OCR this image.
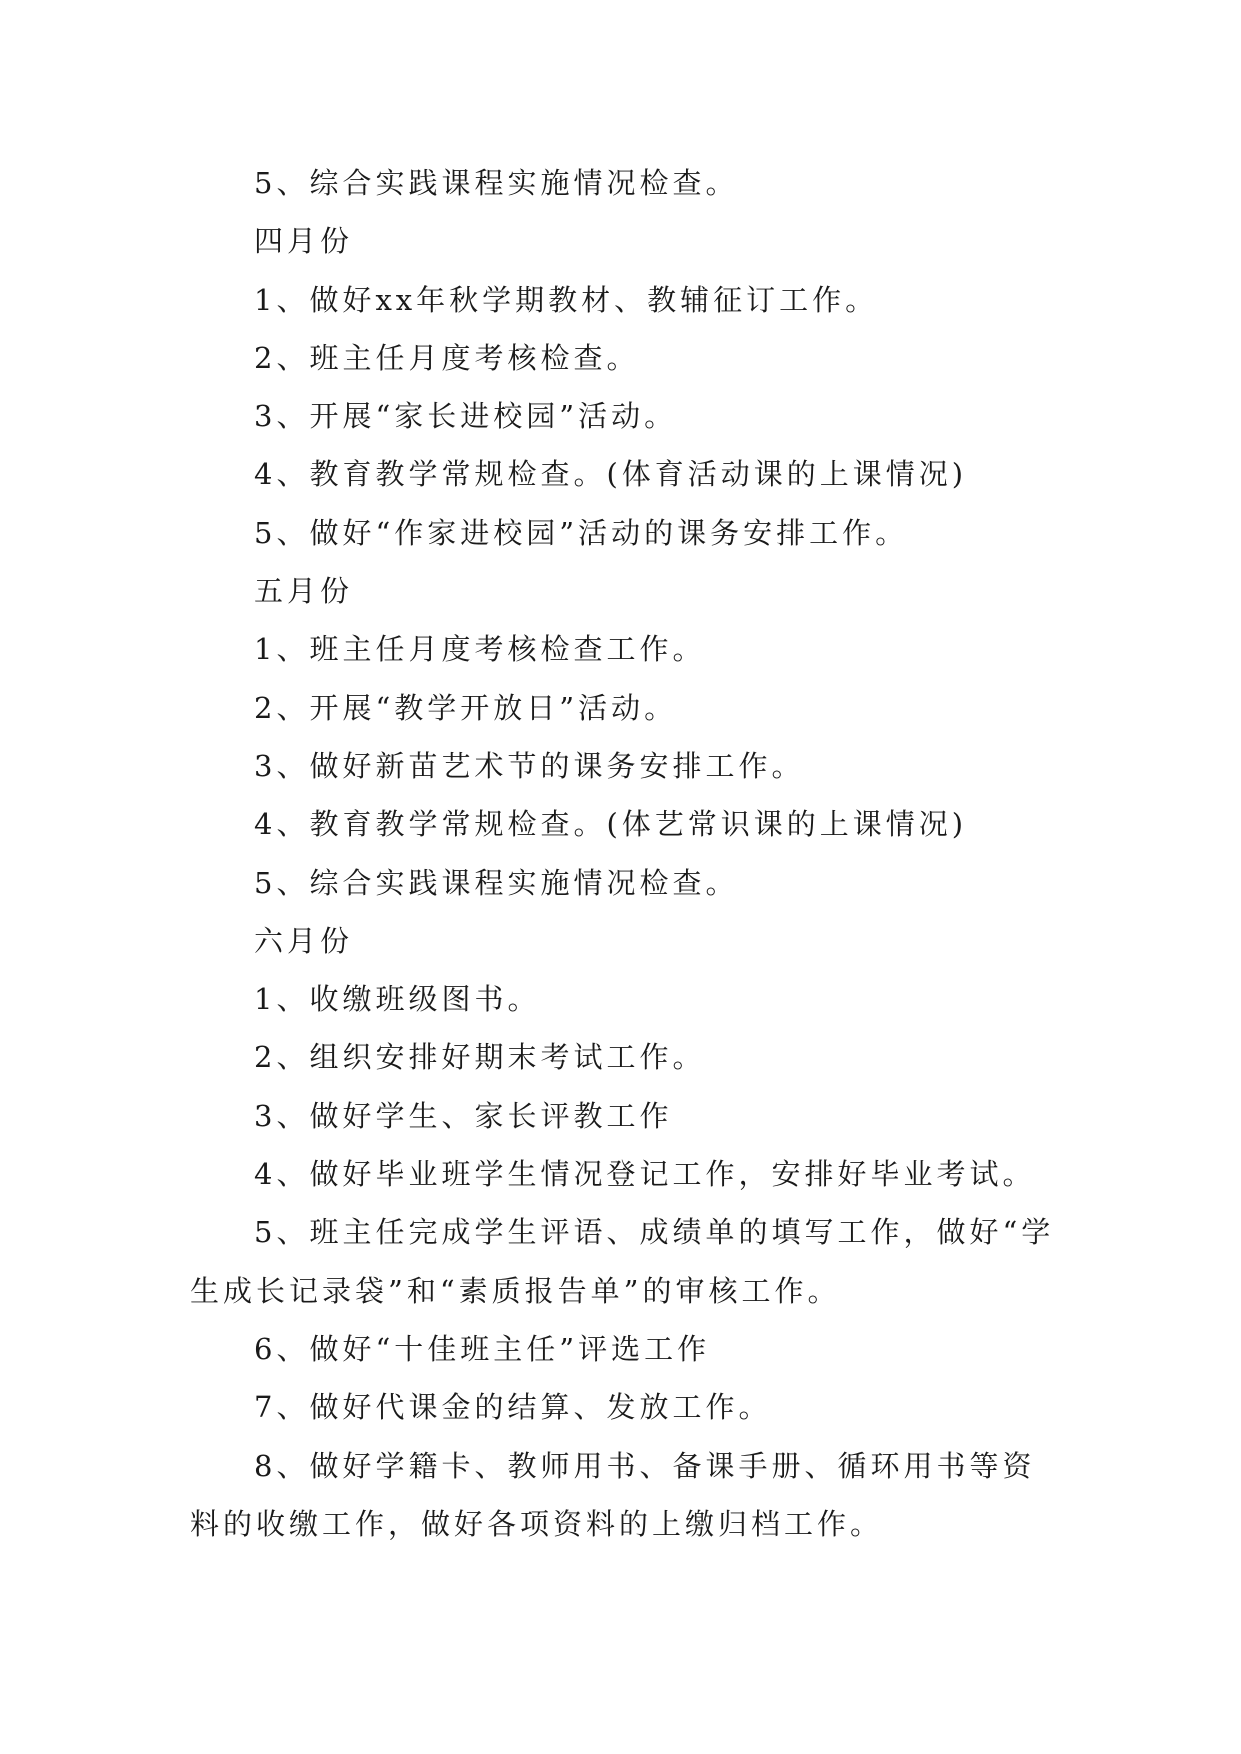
5、综合实践课程实施情况检查。

四月份

1、做好xx年秋学期教材、教辅征订工作。

2、班主任月度考核检查。

3、开展“家长进校园”活动。

4、教育教学常规检查。(体育活动课的上课情况)

5、做好“作家进校园”活动的课务安排工作。

五月份

1、班主任月度考核检查工作。

2、开展“教学开放日”活动。

3、做好新苗艺术节的课务安排工作。

4、教育教学常规检查。(体艺常识课的上课情况)

5、综合实践课程实施情况检查。

六月份

1、收缴班级图书。

2、组织安排好期末考试工作。

3、做好学生、家长评教工作

4、做好毕业班学生情况登记工作，安排好毕业考试。

5、班主任完成学生评语、成绩单的填写工作，做好“学生成长记录袋”和“素质报告单”的审核工作。

6、做好“十佳班主任”评选工作

7、做好代课金的结算、发放工作。

8、做好学籍卡、教师用书、备课手册、循环用书等资料的收缴工作，做好各项资料的上缴归档工作。
